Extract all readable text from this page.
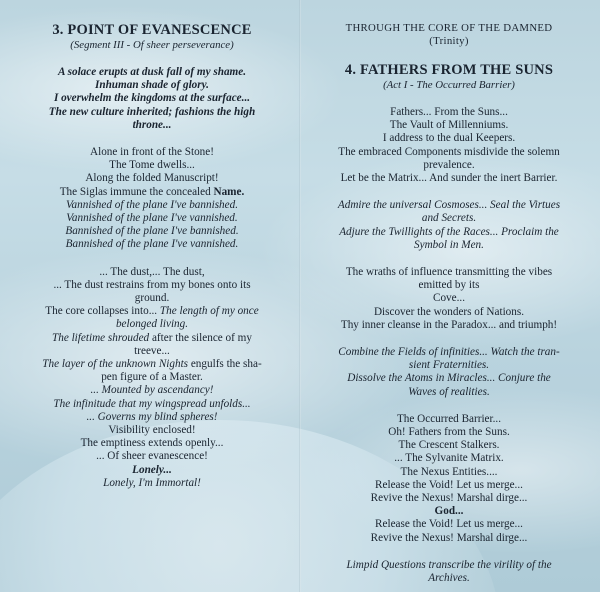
3. POINT OF EVANESCENCE
(Segment III - Of sheer perseverance)
A solace erupts at dusk fall of my shame.
Inhuman shade of glory.
I overwhelm the kingdoms at the surface...
The new culture inherited; fashions the high
throne...
Alone in front of the Stone!
The Tome dwells...
Along the folded Manuscript!
The Siglas immune the concealed Name.
Vannished of the plane I've bannished.
Vannished of the plane I've vannished.
Bannished of the plane I've bannished.
Bannished of the plane I've vannished.
... The dust,... The dust,
... The dust restrains from my bones onto its
ground.
The core collapses into... The length of my once
belonged living.
The lifetime shrouded after the silence of my
treeve...
The layer of the unknown Nights engulfs the sha-
pen figure of a Master.
... Mounted by ascendancy!
The infinitude that my wingspread unfolds...
... Governs my blind spheres!
Visibility enclosed!
The emptiness extends openly...
... Of sheer evanescence!
Lonely...
Lonely, I'm Immortal!
THROUGH THE CORE OF THE DAMNED
(Trinity)
4. FATHERS FROM THE SUNS
(Act I - The Occurred Barrier)
Fathers... From the Suns...
The Vault of Millenniums.
I address to the dual Keepers.
The embraced Components misdivide the solemn
prevalence.
Let be the Matrix... And sunder the inert Barrier.
Admire the universal Cosmoses... Seal the Virtues
and Secrets.
Adjure the Twillights of the Races... Proclaim the
Symbol in Men.
The wraths of influence transmitting the vibes
emitted by its
Cove...
Discover the wonders of Nations.
Thy inner cleanse in the Paradox... and triumph!
Combine the Fields of infinities... Watch the tran-
sient Fraternities.
Dissolve the Atoms in Miracles... Conjure the
Waves of realities.
The Occurred Barrier...
Oh! Fathers from the Suns.
The Crescent Stalkers.
... The Sylvanite Matrix.
The Nexus Entities....
Release the Void! Let us merge...
Revive the Nexus! Marshal dirge...
God...
Release the Void! Let us merge...
Revive the Nexus! Marshal dirge...
Limpid Questions transcribe the virility of the
Archives.
